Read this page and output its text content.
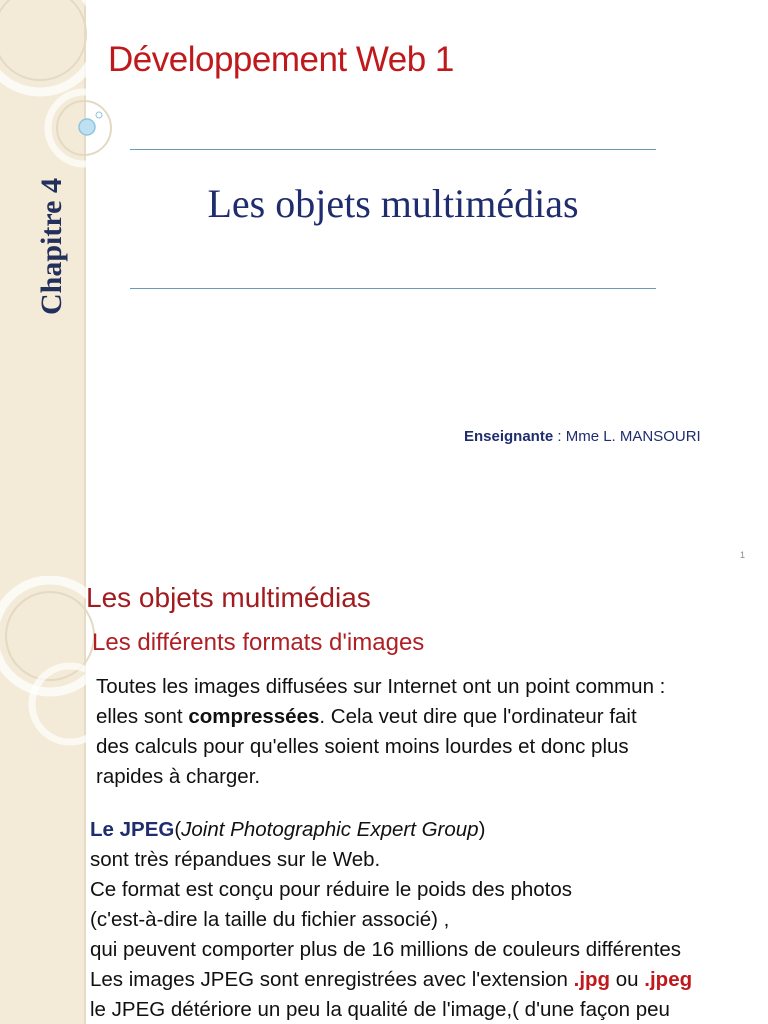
Développement Web 1
Les objets multimédias
Chapitre 4
Enseignante : Mme L. MANSOURI
1
Les objets multimédias
Les différents formats d'images
Toutes les images diffusées sur Internet ont un point commun :
elles sont compressées. Cela veut dire que l'ordinateur fait
des calculs pour qu'elles soient moins lourdes et donc plus
rapides à charger.
Le JPEG(Joint Photographic Expert Group)
sont très répandues sur le Web.
Ce format est conçu pour réduire le poids des photos
(c'est-à-dire la taille du fichier associé) ,
qui peuvent comporter plus de 16 millions de couleurs différentes
Les images JPEG sont enregistrées avec l'extension .jpg ou .jpeg
le JPEG détériore un peu la qualité de l'image,( d'une façon peu
